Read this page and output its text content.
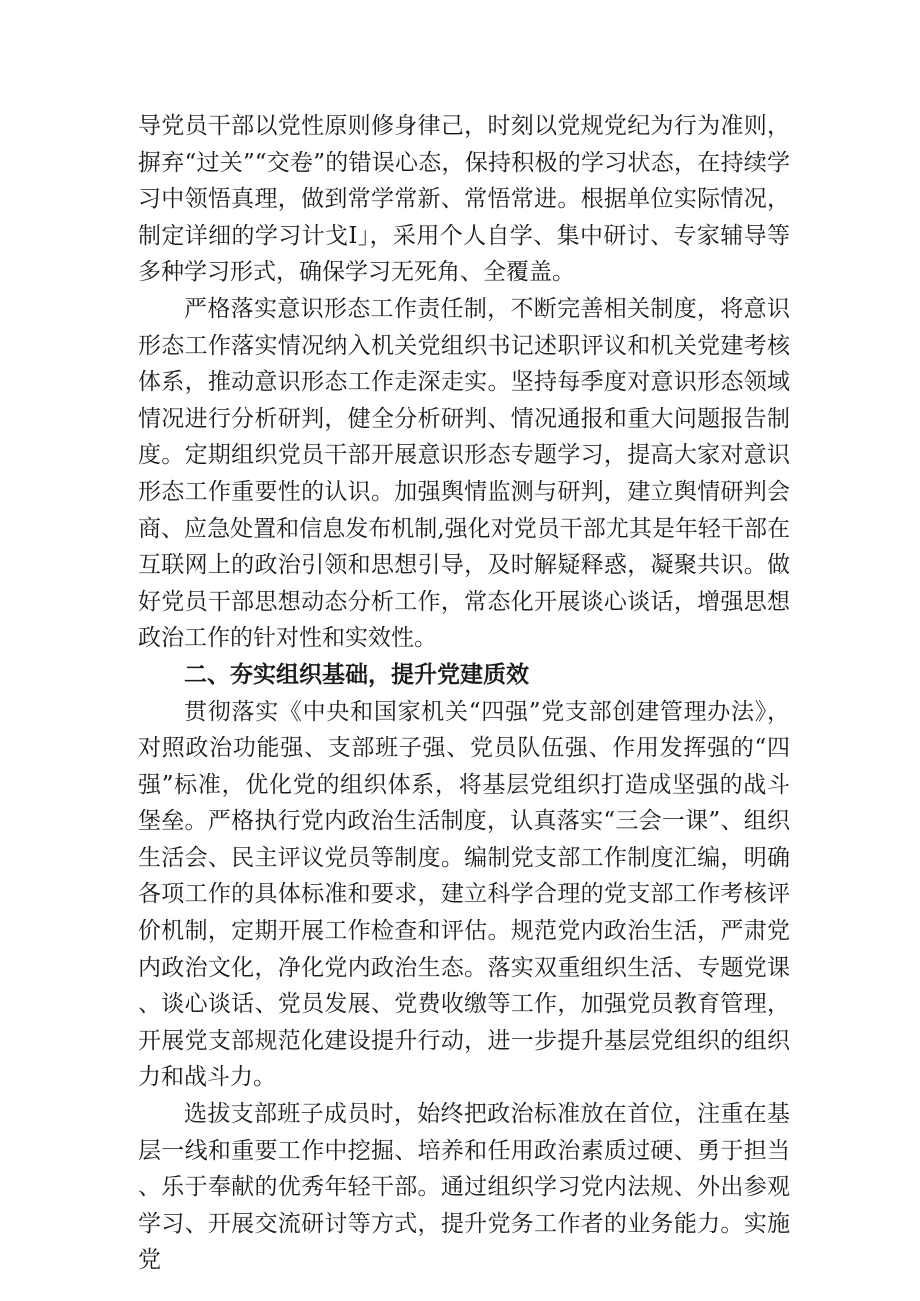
导党员干部以党性原则修身律己，时刻以党规党纪为行为准则，摒弃“过关”“交卷”的错误心态，保持积极的学习状态，在持续学习中领悟真理，做到常学常新、常悟常进。根据单位实际情况，制定详细的学习计戈I」，采用个人自学、集中研讨、专家辅导等多种学习形式，确保学习无死角、全覆盖。

严格落实意识形态工作责任制，不断完善相关制度，将意识形态工作落实情况纳入机关党组织书记述职评议和机关党建考核体系，推动意识形态工作走深走实。坚持每季度对意识形态领域情况进行分析研判，健全分析研判、情况通报和重大问题报告制度。定期组织党员干部开展意识形态专题学习，提高大家对意识形态工作重要性的认识。加强舆情监测与研判，建立舆情研判会商、应急处置和信息发布机制,强化对党员干部尤其是年轻干部在互联网上的政治引领和思想引导，及时解疑释惑，凝聚共识。做好党员干部思想动态分析工作，常态化开展谈心谈话，增强思想政治工作的针对性和实效性。

二、夯实组织基础，提升党建质效

贯彻落实《中央和国家机关“四强”党支部创建管理办法》，对照政治功能强、支部班子强、党员队伍强、作用发挥强的“四强”标准，优化党的组织体系，将基层党组织打造成坚强的战斗堡垒。严格执行党内政治生活制度，认真落实“三会一课”、组织生活会、民主评议党员等制度。编制党支部工作制度汇编，明确各项工作的具体标准和要求，建立科学合理的党支部工作考核评价机制，定期开展工作检查和评估。规范党内政治生活，严肃党内政治文化，净化党内政治生态。落实双重组织生活、专题党课、谈心谈话、党员发展、党费收缴等工作，加强党员教育管理，开展党支部规范化建设提升行动，进一步提升基层党组织的组织力和战斗力。

选拔支部班子成员时，始终把政治标准放在首位，注重在基层一线和重要工作中挖掘、培养和任用政治素质过硬、勇于担当、乐于奉献的优秀年轻干部。通过组织学习党内法规、外出参观学习、开展交流研讨等方式，提升党务工作者的业务能力。实施党
